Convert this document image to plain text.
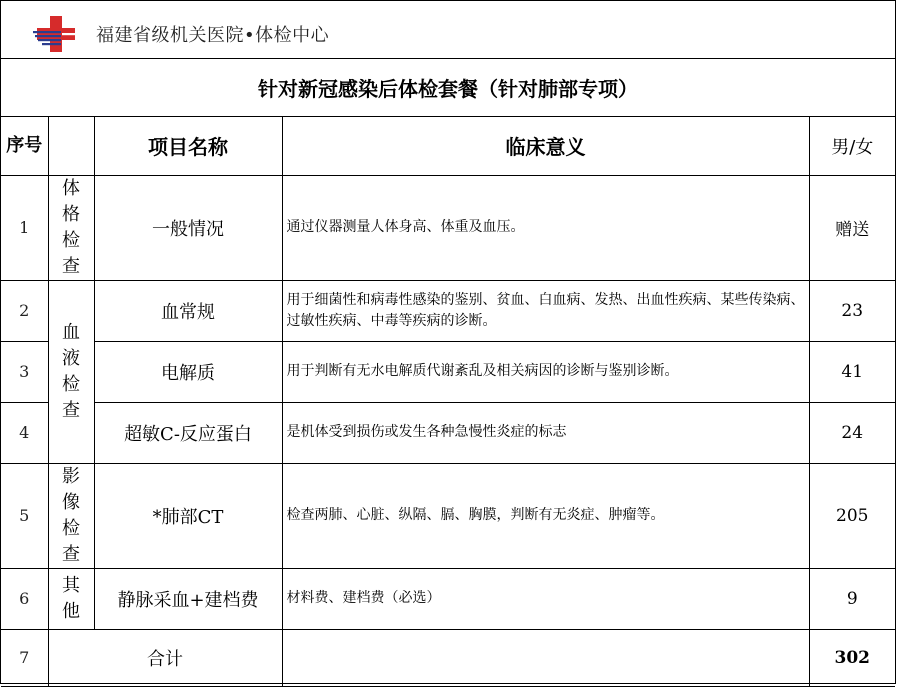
福建省级机关医院•体检中心
针对新冠感染后体检套餐（针对肺部专项）
序号		项目名称	临床意义	男/女
1	体格检查	一般情况	通过仪器测量人体身高、体重及血压。	赠送
2	血液检查	血常规	用于细菌性和病毒性感染的鉴别、贫血、白血病、发热、出血性疾病、某些传染病、过敏性疾病、中毒等疾病的诊断。	23
3		电解质	用于判断有无水电解质代谢紊乱及相关病因的诊断与鉴别诊断。	41
4		超敏C-反应蛋白	是机体受到损伤或发生各种急慢性炎症的标志	24
5	影像检查	*肺部CT	检查两肺、心脏、纵隔、膈、胸膜，判断有无炎症、肿瘤等。	205
6	其他	静脉采血+建档费	材料费、建档费（必选）	9
7	合计			302
